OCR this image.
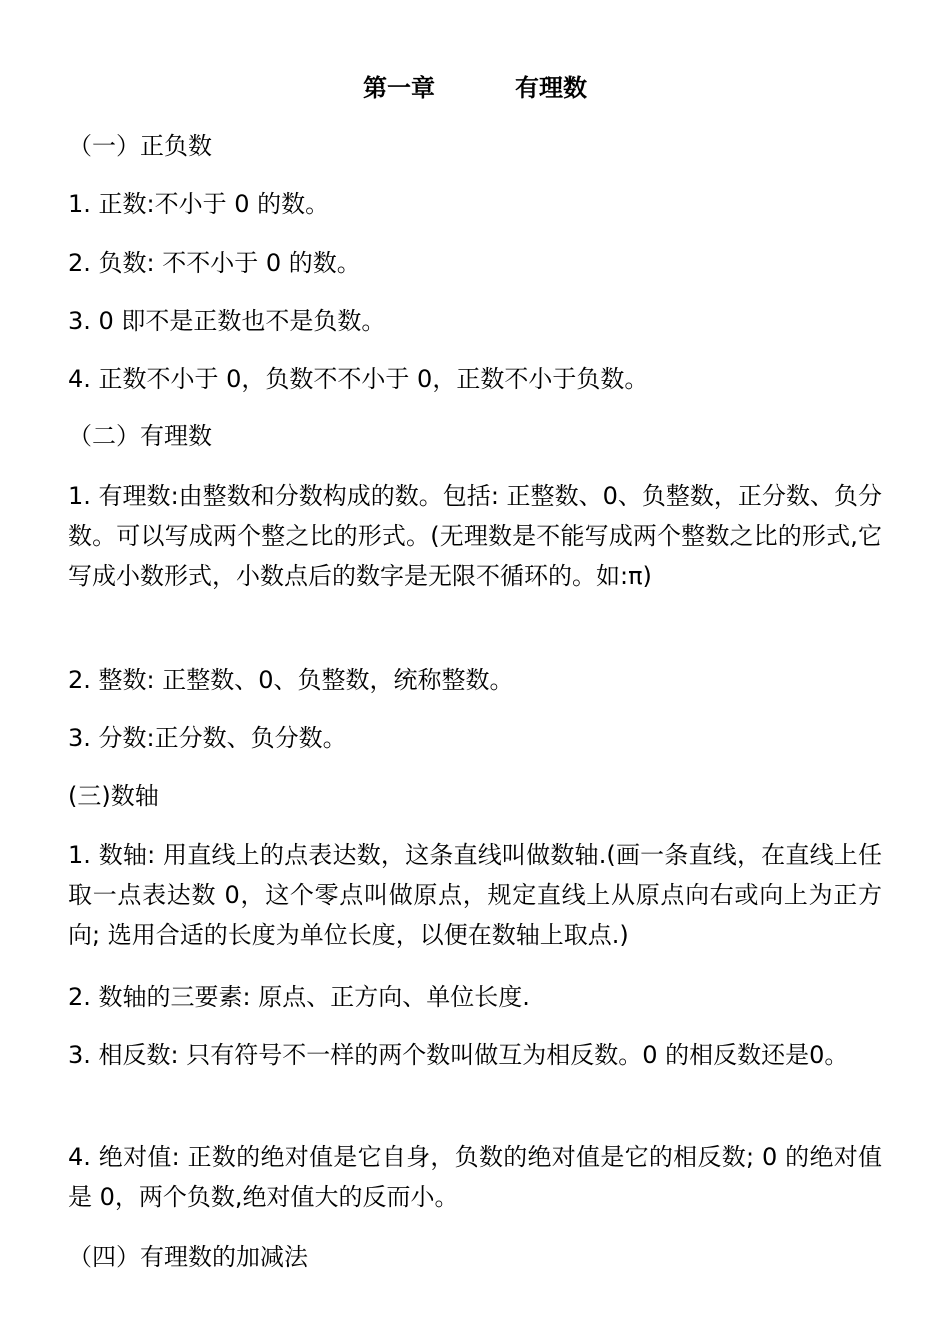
第一章	有理数
（一）正负数
1. 正数:不小于 0 的数。
2. 负数: 不不小于 0 的数。
3. 0 即不是正数也不是负数。
4. 正数不小于 0，负数不不小于 0，正数不小于负数。
（二）有理数
1. 有理数:由整数和分数构成的数。包括: 正整数、0、负整数，正分数、负分数。可以写成两个整之比的形式。(无理数是不能写成两个整数之比的形式,它写成小数形式，小数点后的数字是无限不循环的。如:π)
2. 整数: 正整数、0、负整数，统称整数。
3. 分数:正分数、负分数。
(三)数轴
1. 数轴: 用直线上的点表达数，这条直线叫做数轴.(画一条直线，在直线上任取一点表达数 0，这个零点叫做原点，规定直线上从原点向右或向上为正方向; 选用合适的长度为单位长度，以便在数轴上取点.)
2. 数轴的三要素: 原点、正方向、单位长度.
3. 相反数: 只有符号不一样的两个数叫做互为相反数。0 的相反数还是0。
4. 绝对值: 正数的绝对值是它自身，负数的绝对值是它的相反数; 0 的绝对值是 0，两个负数,绝对值大的反而小。
（四）有理数的加减法
